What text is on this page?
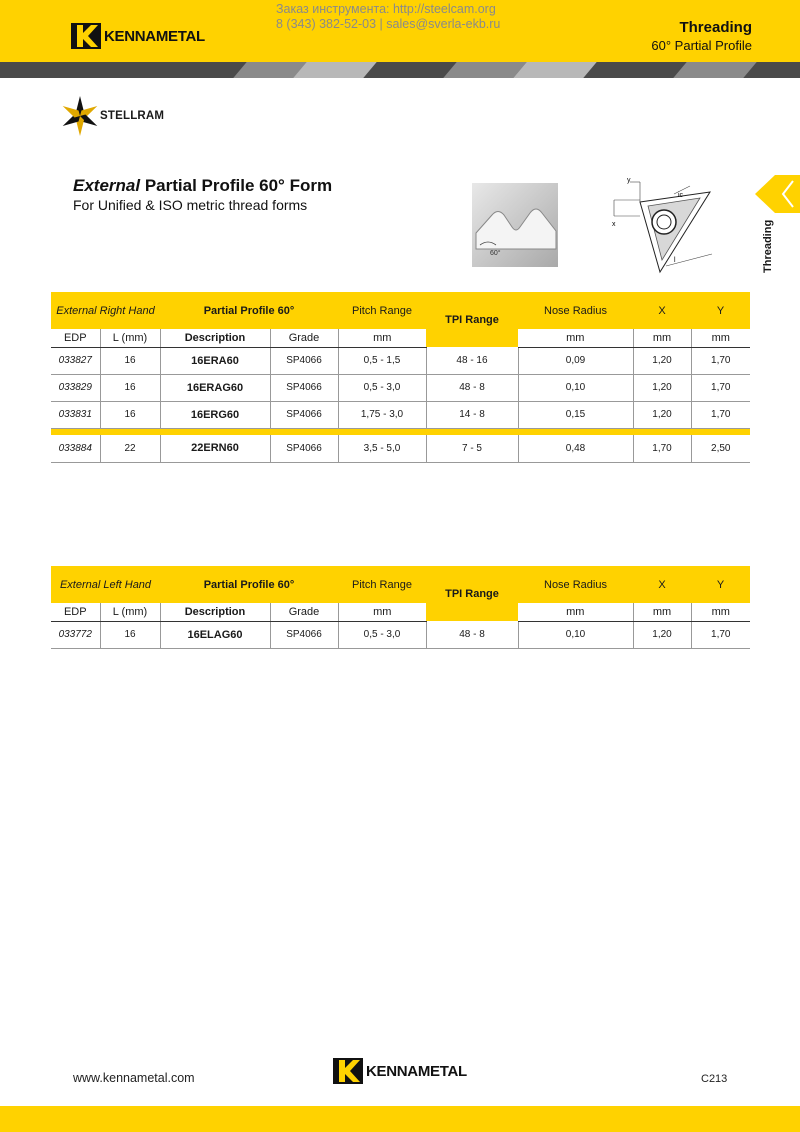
KENNAMETAL
Заказ инструмента: http://steelcam.org
8 (343) 382-52-03 | sales@sverla-ekb.ru	Threading
60° Partial Profile
STELLRAM
External Partial Profile 60° Form
For Unified & ISO metric thread forms
60°
y
x
ic
l	Threading
External Right Hand		Partial Profile 60°		Pitch Range	TPI Range	Nose Radius	X	Y
EDP	L (mm)	Description	Grade	mm		mm	mm	mm
033827	16	16ERA60	SP4066	0,5 - 1,5	48 - 16	0,09	1,20	1,70
033829	16	16ERAG60	SP4066	0,5 - 3,0	48 - 8	0,10	1,20	1,70
033831	16	16ERG60	SP4066	1,75 - 3,0	14 - 8	0,15	1,20	1,70

033884	22	22ERN60	SP4066	3,5 - 5,0	7 - 5	0,48	1,70	2,50
External Left Hand		Partial Profile 60°		Pitch Range	TPI Range	Nose Radius	X	Y
EDP	L (mm)	Description	Grade	mm		mm	mm	mm
033772	16	16ELAG60	SP4066	0,5 - 3,0	48 - 8	0,10	1,20	1,70
www.kennametal.com	KENNAMETAL	C213
